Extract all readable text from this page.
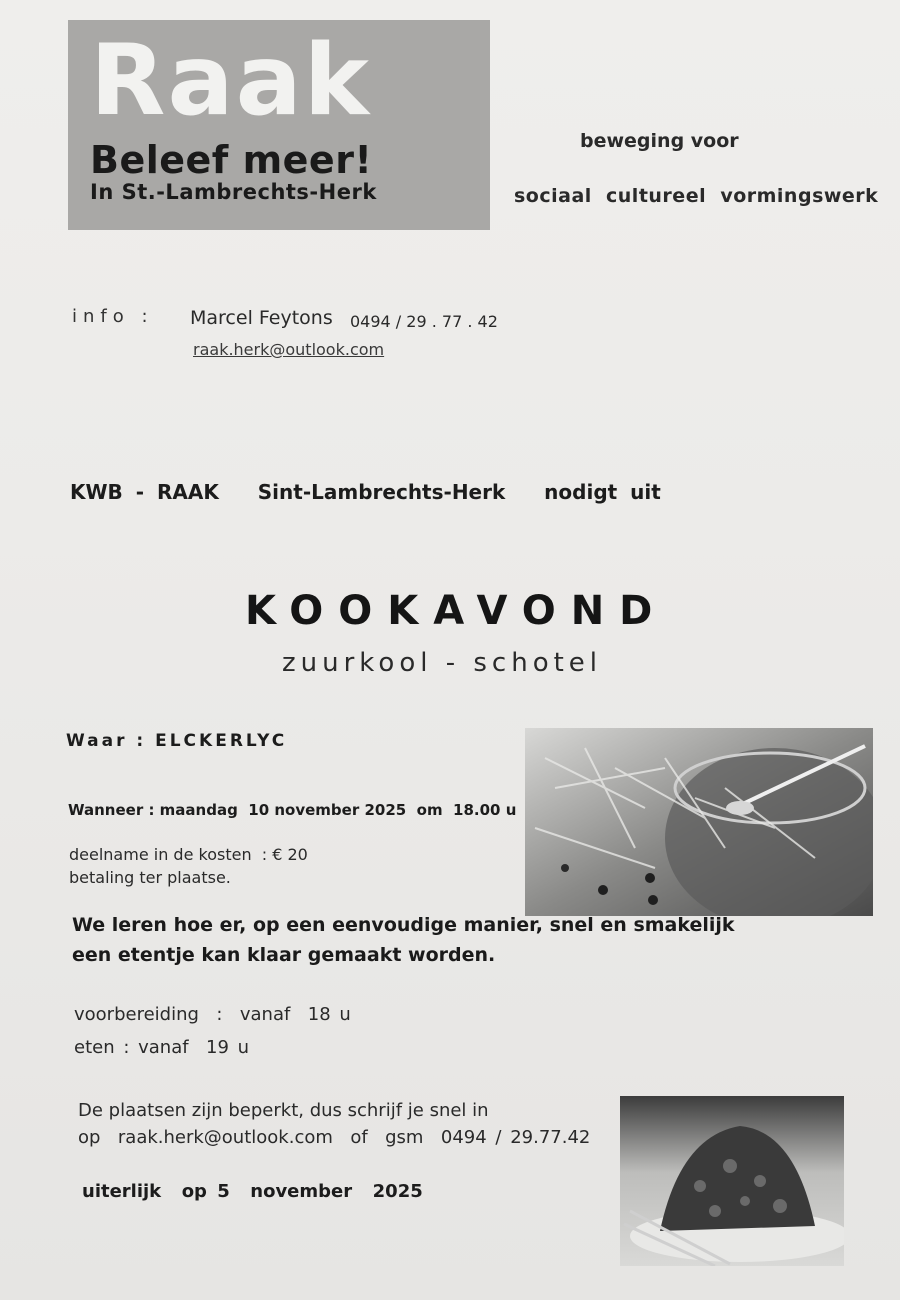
Raak
Beleef meer!
In St.-Lambrechts-Herk
beweging voor
sociaal  cultureel  vormingswerk
info : Marcel Feytons 0494 / 29 . 77 . 42
raak.herk@outlook.com
KWB - RAAK   Sint-Lambrechts-Herk   nodigt uit
KOOKAVOND
zuurkool - schotel
Waar : ELCKERLYC
Wanneer : maandag  10 november 2025  om  18.00 u
deelname in de kosten  : € 20
betaling ter plaatse.
We leren hoe er, op een eenvoudige manier, snel en smakelijk
een etentje kan klaar gemaakt worden.
voorbereiding  :  vanaf  18 u
eten : vanaf  19 u
De plaatsen zijn beperkt, dus schrijf je snel in
op  raak.herk@outlook.com  of  gsm  0494 / 29.77.42
uiterlijk  op 5  november  2025
